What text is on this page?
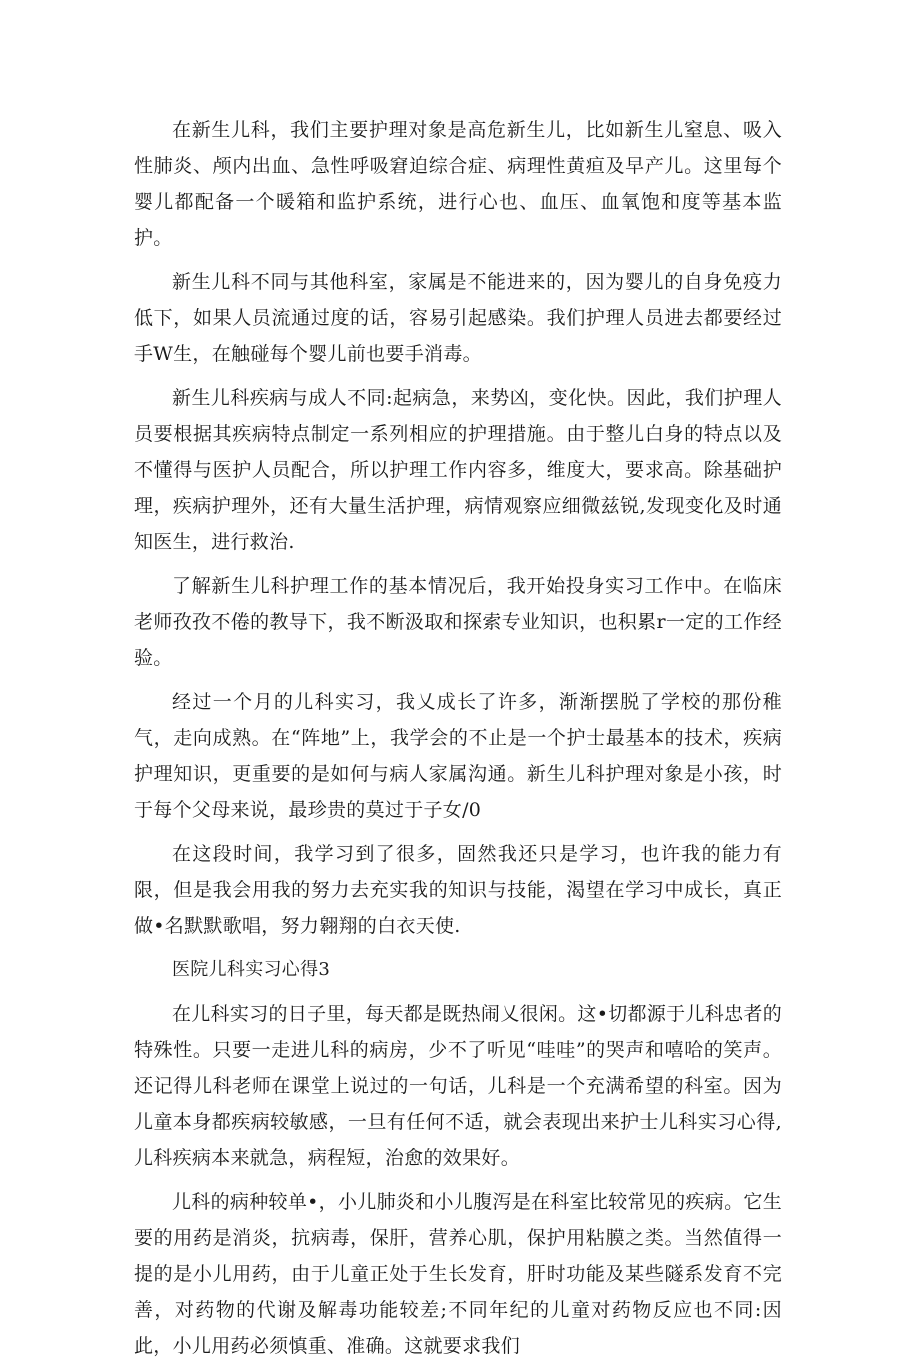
在新生儿科，我们主要护理对象是高危新生儿，比如新生儿窒息、吸入性肺炎、颅内出血、急性呼吸窘迫综合症、病理性黄疸及早产儿。这里每个婴儿都配备一个暖箱和监护系统，进行心也、血压、血氧饱和度等基本监护。

新生儿科不同与其他科室，家属是不能进来的，因为婴儿的自身免疫力低下，如果人员流通过度的话，容易引起感染。我们护理人员进去都要经过手W生，在触碰每个婴儿前也要手消毒。

新生儿科疾病与成人不同:起病急，来势凶，变化快。因此，我们护理人员要根据其疾病特点制定一系列相应的护理措施。由于整儿白身的特点以及不懂得与医护人员配合，所以护理工作内容多，维度大，要求高。除基础护理，疾病护理外，还有大量生活护理，病情观察应细微兹锐,发现变化及时通知医生，进行救治.

了解新生儿科护理工作的基本情况后，我开始投身实习工作中。在临床老师孜孜不倦的教导下，我不断汲取和探索专业知识，也积累r一定的工作经验。

经过一个月的儿科实习，我乂成长了许多，渐渐摆脱了学校的那份稚气，走向成熟。在“阵地”上，我学会的不止是一个护士最基本的技术，疾病护理知识，更重要的是如何与病人家属沟通。新生儿科护理对象是小孩，时于每个父母来说，最珍贵的莫过于子女/0

在这段时间，我学习到了很多，固然我还只是学习，也许我的能力有限，但是我会用我的努力去充实我的知识与技能，渴望在学习中成长，真正做•名默默歌唱，努力翱翔的白衣天使.

医院儿科实习心得3

在儿科实习的日子里，每天都是既热闹乂很闲。这•切都源于儿科忠者的特殊性。只要一走进儿科的病房，少不了听见“哇哇”的哭声和嘻哈的笑声。还记得儿科老师在课堂上说过的一句话，儿科是一个充满希望的科室。因为儿童本身都疾病较敏感，一旦有任何不适，就会表现出来护士儿科实习心得,儿科疾病本来就急，病程短，治愈的效果好。

儿科的病种较单•，小儿肺炎和小儿腹泻是在科室比较常见的疾病。它生要的用药是消炎，抗病毒，保肝，营养心肌，保护用粘膜之类。当然值得一提的是小儿用药，由于儿童正处于生长发育，肝时功能及某些隧系发育不完善，对药物的代谢及解毒功能较差;不同年纪的儿童对药物反应也不同:因此，小儿用药必须慎重、准确。这就要求我们
